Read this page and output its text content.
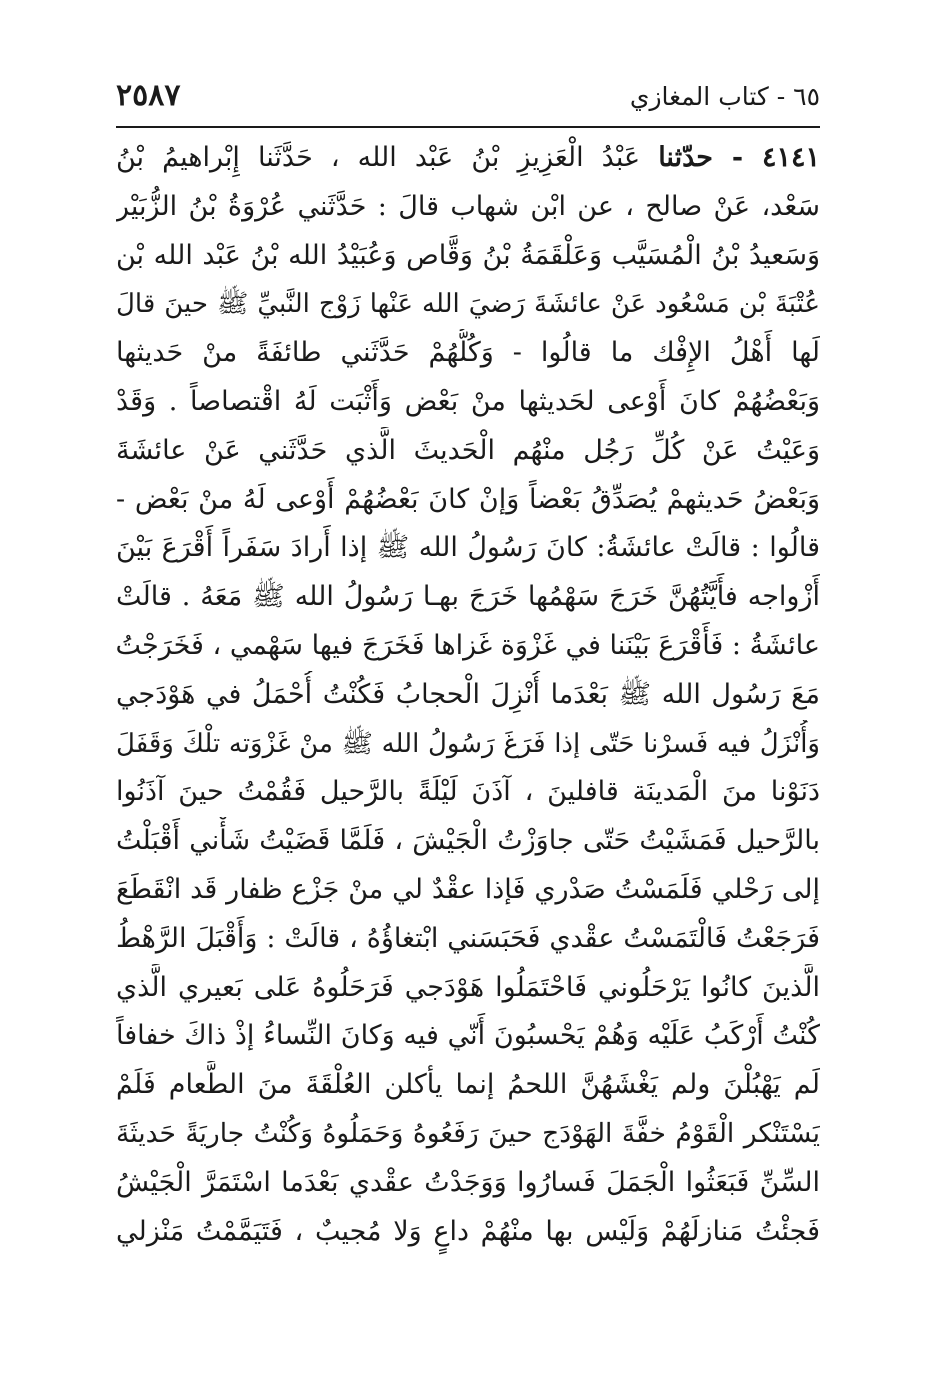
٦٥ - كتاب المغازي
٢٥٨٧
٤١٤١ - حدّثنا عَبْدُ الْعَزِيزِ بْنُ عَبْد الله ، حَدَّثَنا إِبْراهيمُ بْنُ
سَعْد، عَنْ صالح ، عن ابْن شهاب قالَ : حَدَّثَني عُرْوَةُ بْنُ الزُّبَيْر
وَسَعيدُ بْنُ الْمُسَيَّب وَعَلْقَمَةُ بْنُ وَقَّاص وَعُبَيْدُ الله بْنُ عَبْد الله بْن
عُتْبَةَ بْن مَسْعُود عَنْ عائشَةَ رَضيَ الله عَنْها زَوْج النَّبيِّ ﷺ حينَ قالَ
لَها أَهْلُ الإِفْك ما قالُوا - وَكُلُّهُمْ حَدَّثَني طائفَةً منْ حَديثها
وَبَعْضُهُمْ كانَ أَوْعى لحَديثها منْ بَعْض وَأَثْبَت لَهُ اقْتصاصاً . وَقَدْ
وَعَيْتُ عَنْ كُلِّ رَجُل منْهُم الْحَديثَ الَّذي حَدَّثَني عَنْ عائشَةَ
وَبَعْضُ حَديثهمْ يُصَدِّقُ بَعْضاً وَإنْ كانَ بَعْضُهُمْ أَوْعى لَهُ منْ بَعْض -
قالُوا : قالَتْ عائشَةُ: كانَ رَسُولُ الله ﷺ إذا أَرادَ سَفَراً أَقْرَعَ بَيْنَ
أَزْواجه فأَيَّتُهُنَّ خَرَجَ سَهْمُها خَرَجَ بهـا رَسُولُ الله ﷺ مَعَهُ . قالَتْ
عائشَةُ : فَأَقْرَعَ بَيْنَنا في غَزْوَة غَزاها فَخَرَجَ فيها سَهْمي ، فَخَرَجْتُ
مَعَ رَسُول الله ﷺ بَعْدَما أُنْزِلَ الْحجابُ فَكُنْتُ أُحْمَلُ في هَوْدَجي
وَأُنْزَلُ فيه فَسرْنا حَتّى إذا فَرَغَ رَسُولُ الله ﷺ منْ غَزْوَته تلْكَ وَقَفَلَ
دَنَوْنا منَ الْمَدينَة قافلينَ ، آذَنَ لَيْلَةً بالرَّحيل فَقُمْتُ حينَ آذَنُوا
بالرَّحيل فَمَشَيْتُ حَتّى جاوَزْتُ الْجَيْشَ ، فَلَمَّا قَضَيْتُ شَأْني أَقْبَلْتُ
إلى رَحْلي فَلَمَسْتُ صَدْري فَإذا عقْدٌ لي منْ جَزْع ظفار قَد انْقَطَعَ
فَرَجَعْتُ فَالْتَمَسْتُ عقْدي فَحَبَسَني ابْتغاؤُهُ ، قالَتْ : وَأَقْبَلَ الرَّهْطُ
الَّذينَ كانُوا يَرْحَلُوني فَاحْتَمَلُوا هَوْدَجي فَرَحَلُوهُ عَلى بَعيري الَّذي
كُنْتُ أَرْكَبُ عَلَيْه وَهُمْ يَحْسبُونَ أَنّي فيه وَكانَ النِّساءُ إذْ ذاكَ خفافاً
لَم يَهْبُلْنَ ولم يَغْشَهُنَّ اللحمُ إنما يأكلن العُلْقَةَ منَ الطَّعام فَلَمْ
يَسْتَنْكر الْقَوْمُ خفَّةَ الهَوْدَج حينَ رَفَعُوهُ وَحَمَلُوهُ وَكُنْتُ جاريَةً حَديثَةَ
السِّنِّ فَبَعَثُوا الْجَمَلَ فَسارُوا وَوَجَدْتُ عقْدي بَعْدَما اسْتَمَرَّ الْجَيْشُ
فَجئْتُ مَنازلَهُمْ وَلَيْس بها منْهُمْ داعٍ وَلا مُجيبٌ ، فَتَيَمَّمْتُ مَنْزلي
